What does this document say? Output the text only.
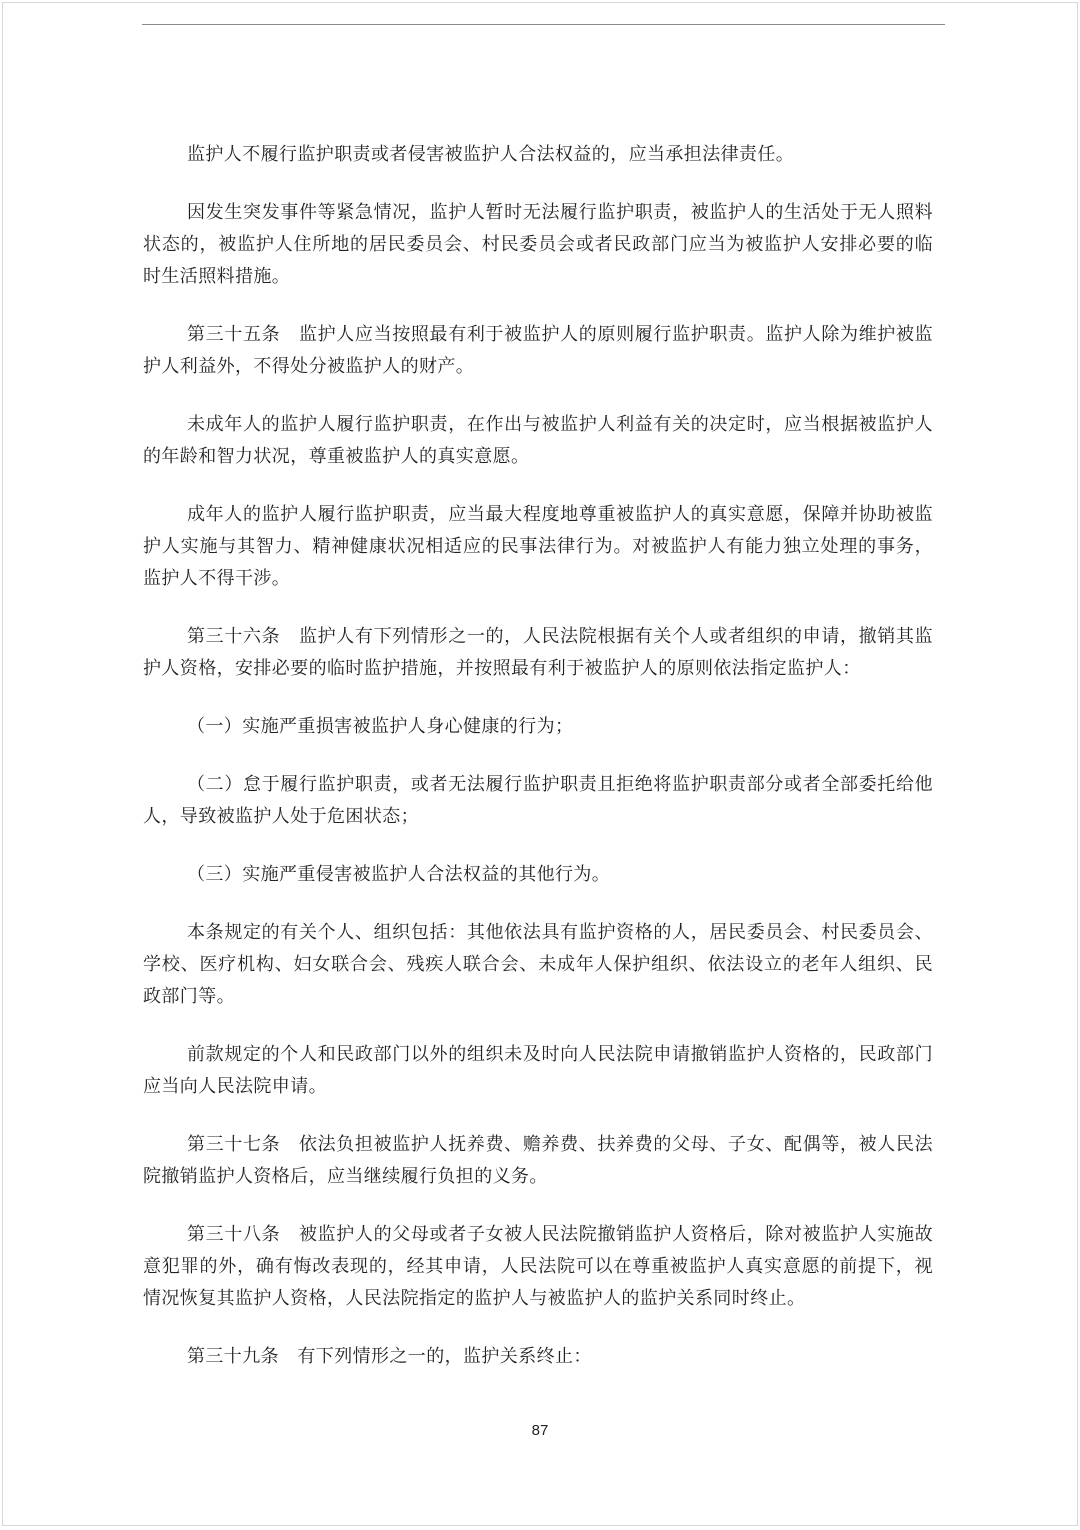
监护人不履行监护职责或者侵害被监护人合法权益的，应当承担法律责任。

因发生突发事件等紧急情况，监护人暂时无法履行监护职责，被监护人的生活处于无人照料状态的，被监护人住所地的居民委员会、村民委员会或者民政部门应当为被监护人安排必要的临时生活照料措施。

第三十五条　监护人应当按照最有利于被监护人的原则履行监护职责。监护人除为维护被监护人利益外，不得处分被监护人的财产。

未成年人的监护人履行监护职责，在作出与被监护人利益有关的决定时，应当根据被监护人的年龄和智力状况，尊重被监护人的真实意愿。

成年人的监护人履行监护职责，应当最大程度地尊重被监护人的真实意愿，保障并协助被监护人实施与其智力、精神健康状况相适应的民事法律行为。对被监护人有能力独立处理的事务，监护人不得干涉。

第三十六条　监护人有下列情形之一的，人民法院根据有关个人或者组织的申请，撤销其监护人资格，安排必要的临时监护措施，并按照最有利于被监护人的原则依法指定监护人：

（一）实施严重损害被监护人身心健康的行为；

（二）怠于履行监护职责，或者无法履行监护职责且拒绝将监护职责部分或者全部委托给他人，导致被监护人处于危困状态；

（三）实施严重侵害被监护人合法权益的其他行为。

本条规定的有关个人、组织包括：其他依法具有监护资格的人，居民委员会、村民委员会、学校、医疗机构、妇女联合会、残疾人联合会、未成年人保护组织、依法设立的老年人组织、民政部门等。

前款规定的个人和民政部门以外的组织未及时向人民法院申请撤销监护人资格的，民政部门应当向人民法院申请。

第三十七条　依法负担被监护人抚养费、赡养费、扶养费的父母、子女、配偶等，被人民法院撤销监护人资格后，应当继续履行负担的义务。

第三十八条　被监护人的父母或者子女被人民法院撤销监护人资格后，除对被监护人实施故意犯罪的外，确有悔改表现的，经其申请，人民法院可以在尊重被监护人真实意愿的前提下，视情况恢复其监护人资格，人民法院指定的监护人与被监护人的监护关系同时终止。

第三十九条　有下列情形之一的，监护关系终止：

87
